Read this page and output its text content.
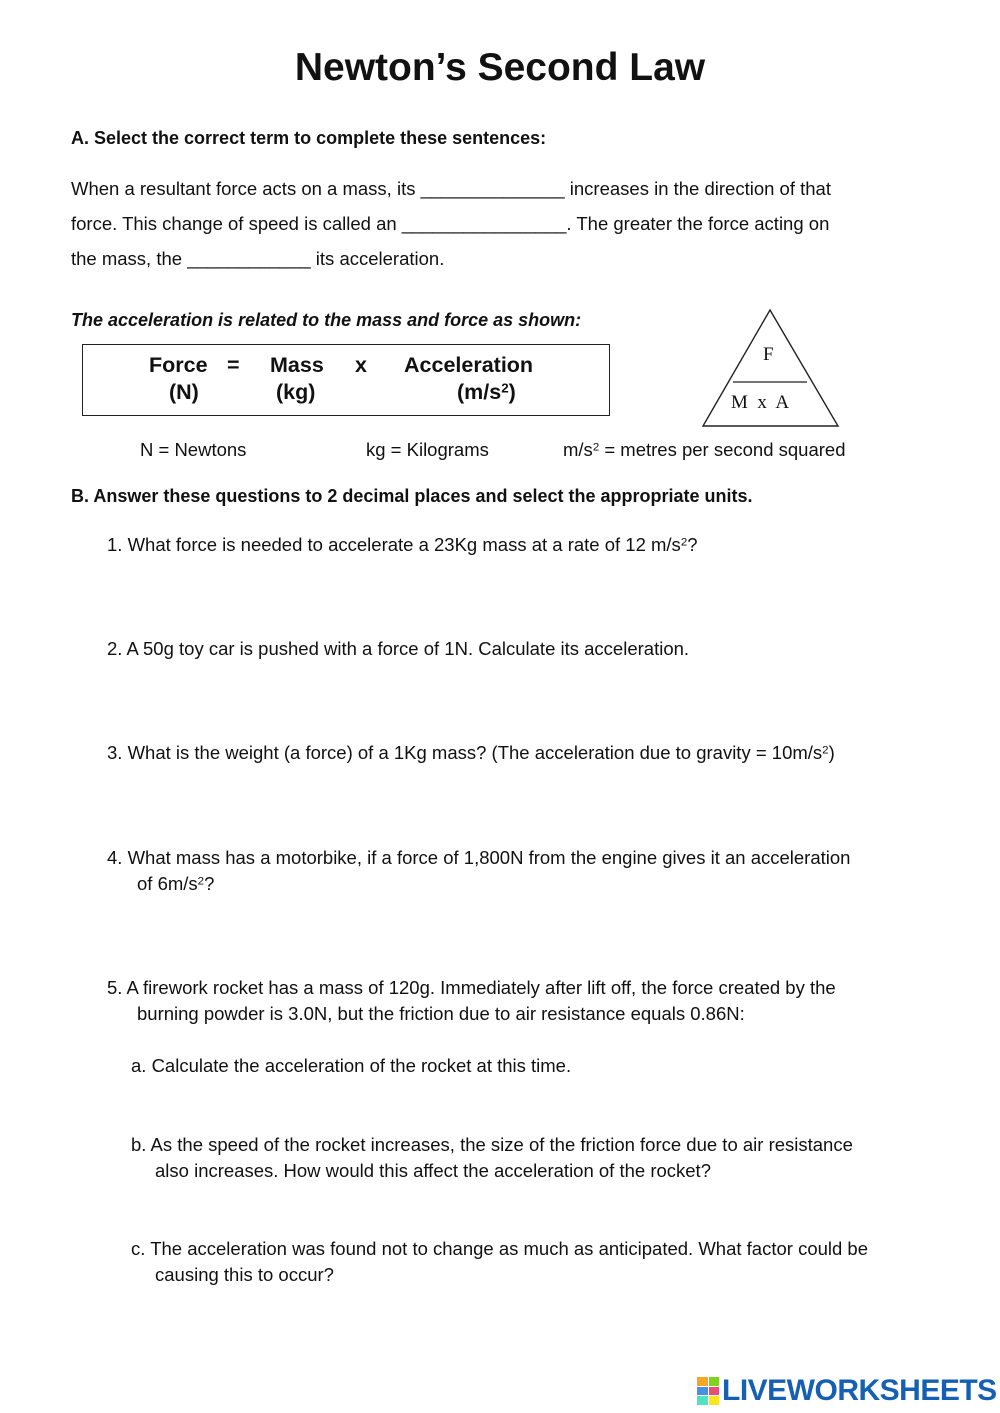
Newton’s Second Law
A. Select the correct term to complete these sentences:
When a resultant force acts on a mass, its ______________ increases in the direction of that
force. This change of speed is called an ________________. The greater the force acting on
the mass, the ____________ its acceleration.
The acceleration is related to the mass and force as shown:
Force = Mass x Acceleration
(N)	(kg)	$(m/s^2)$
F
M  x  A
N = Newtons	kg = Kilograms	$m/s^2$ = metres per second squared
B. Answer these questions to 2 decimal places and select the appropriate units.
1. What force is needed to accelerate a 23Kg mass at a rate of 12 $m/s^2$?
2. A 50g toy car is pushed with a force of 1N. Calculate its acceleration.
3. What is the weight (a force) of a 1Kg mass? (The acceleration due to gravity = $10m/s^2$)
4. What mass has a motorbike, if a force of 1,800N from the engine gives it an acceleration
of $6m/s^2$?
5. A firework rocket has a mass of 120g. Immediately after lift off, the force created by the
burning powder is 3.0N, but the friction due to air resistance equals 0.86N:
a. Calculate the acceleration of the rocket at this time.
b. As the speed of the rocket increases, the size of the friction force due to air resistance
also increases. How would this affect the acceleration of the rocket?
c. The acceleration was found not to change as much as anticipated. What factor could be
causing this to occur?
LIVEWORKSHEETS
